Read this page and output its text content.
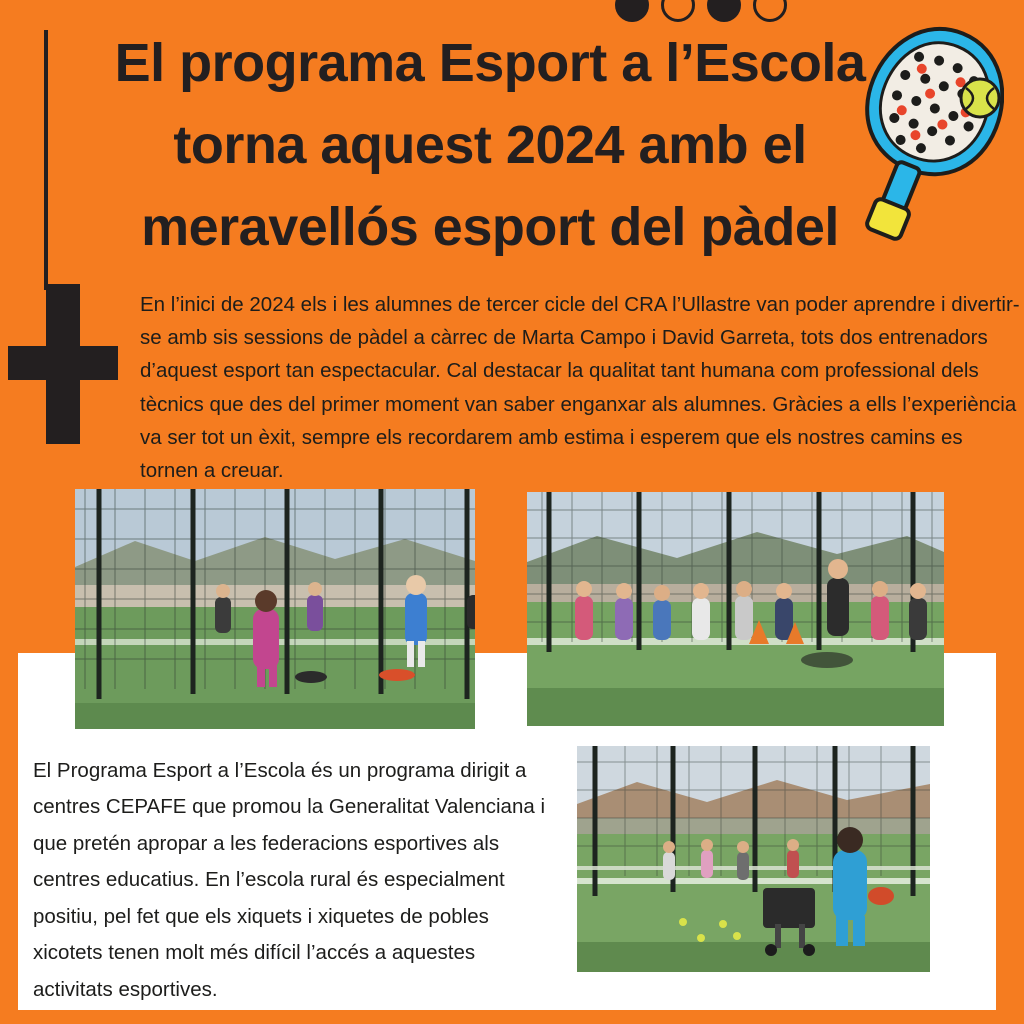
El programa Esport a l’Escola
torna aquest 2024 amb el
meravellós esport del pàdel

En l’inici de 2024 els i les alumnes de tercer cicle del CRA l’Ullastre van poder aprendre i divertir-se amb sis sessions de pàdel a càrrec de Marta Campo i David Garreta, tots dos entrenadors d’aquest esport tan espectacular. Cal destacar la qualitat tant humana com professional dels tècnics que des del primer moment van saber enganxar als alumnes. Gràcies a ells l’experiència va ser tot un èxit, sempre els recordarem amb estima i esperem que els nostres camins es tornen a creuar.

El Programa Esport a l’Escola és un programa dirigit a centres CEPAFE que promou la Generalitat Valenciana i que pretén apropar a les federacions esportives als centres educatius. En l’escola rural és especialment positiu, pel fet que els xiquets i xiquetes de pobles xicotets tenen molt més difícil l’accés a aquestes activitats esportives.
